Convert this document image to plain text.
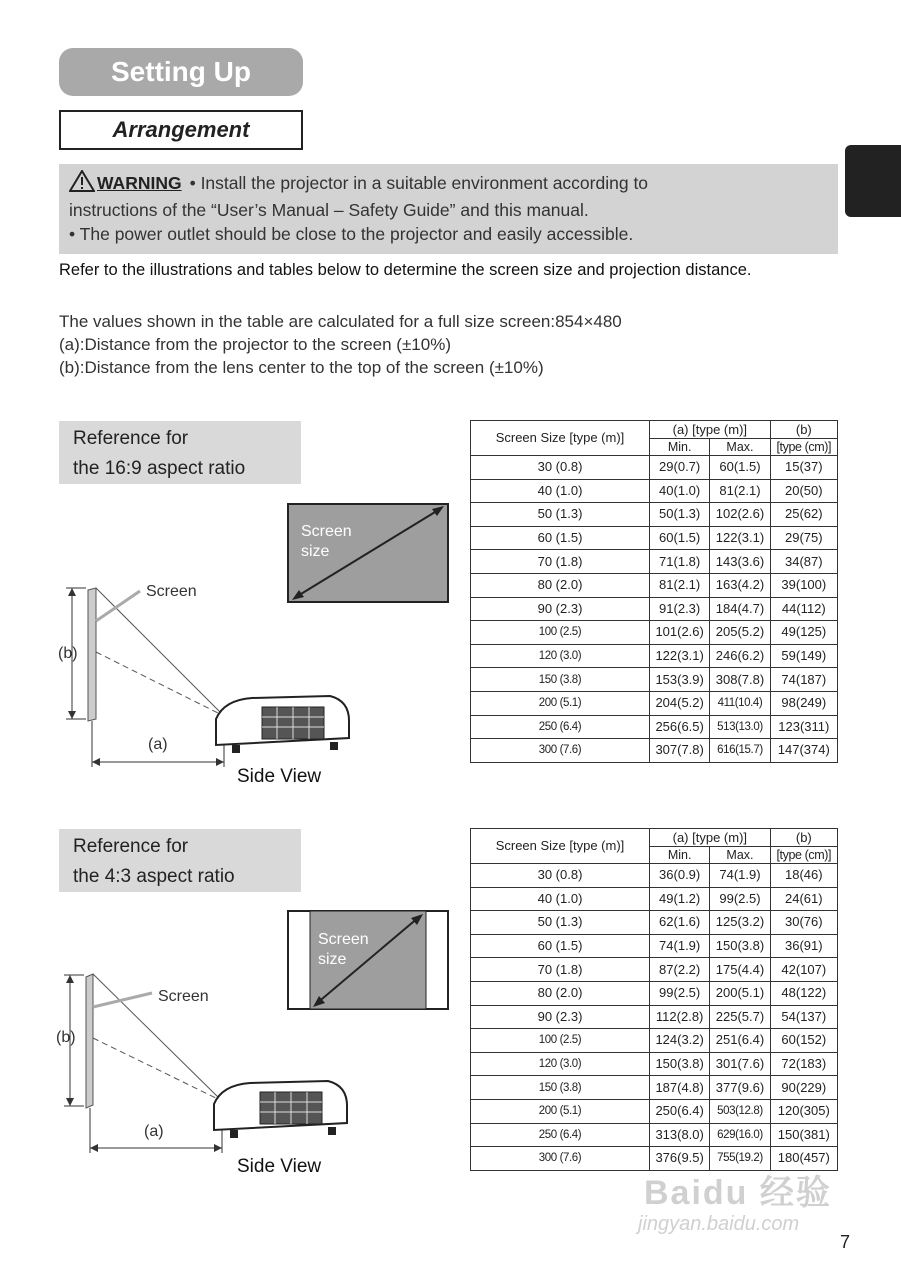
Setting Up
Arrangement
WARNING • Install the projector in a suitable environment according to
instructions of the “User’s Manual – Safety Guide” and this manual.
• The power outlet should be close to the projector and easily accessible.
Refer to the illustrations and tables below to determine the screen size and projection distance.
The values shown in the table are calculated for a full size screen:854×480
(a):Distance from the projector to the screen (±10%)
(b):Distance from the lens center to the top of the screen (±10%)
Reference for
the 16:9 aspect ratio
Screen
size
Screen
(b)
(a)
Side View
Screen Size [type (m)]	(a) [type (m)]		(b)
	Min.	Max.	[type (cm)]
30 (0.8)	29(0.7)	60(1.5)	15(37)
40 (1.0)	40(1.0)	81(2.1)	20(50)
50 (1.3)	50(1.3)	102(2.6)	25(62)
60 (1.5)	60(1.5)	122(3.1)	29(75)
70 (1.8)	71(1.8)	143(3.6)	34(87)
80 (2.0)	81(2.1)	163(4.2)	39(100)
90 (2.3)	91(2.3)	184(4.7)	44(112)
100 (2.5)	101(2.6)	205(5.2)	49(125)
120 (3.0)	122(3.1)	246(6.2)	59(149)
150 (3.8)	153(3.9)	308(7.8)	74(187)
200 (5.1)	204(5.2)	411(10.4)	98(249)
250 (6.4)	256(6.5)	513(13.0)	123(311)
300 (7.6)	307(7.8)	616(15.7)	147(374)
Reference for
the 4:3 aspect ratio
Screen
size
Screen
(b)
(a)
Side View
Screen Size [type (m)]	(a) [type (m)]		(b)
	Min.	Max.	[type (cm)]
30 (0.8)	36(0.9)	74(1.9)	18(46)
40 (1.0)	49(1.2)	99(2.5)	24(61)
50 (1.3)	62(1.6)	125(3.2)	30(76)
60 (1.5)	74(1.9)	150(3.8)	36(91)
70 (1.8)	87(2.2)	175(4.4)	42(107)
80 (2.0)	99(2.5)	200(5.1)	48(122)
90 (2.3)	112(2.8)	225(5.7)	54(137)
100 (2.5)	124(3.2)	251(6.4)	60(152)
120 (3.0)	150(3.8)	301(7.6)	72(183)
150 (3.8)	187(4.8)	377(9.6)	90(229)
200 (5.1)	250(6.4)	503(12.8)	120(305)
250 (6.4)	313(8.0)	629(16.0)	150(381)
300 (7.6)	376(9.5)	755(19.2)	180(457)
Baidu 经验
jingyan.baidu.com
7
